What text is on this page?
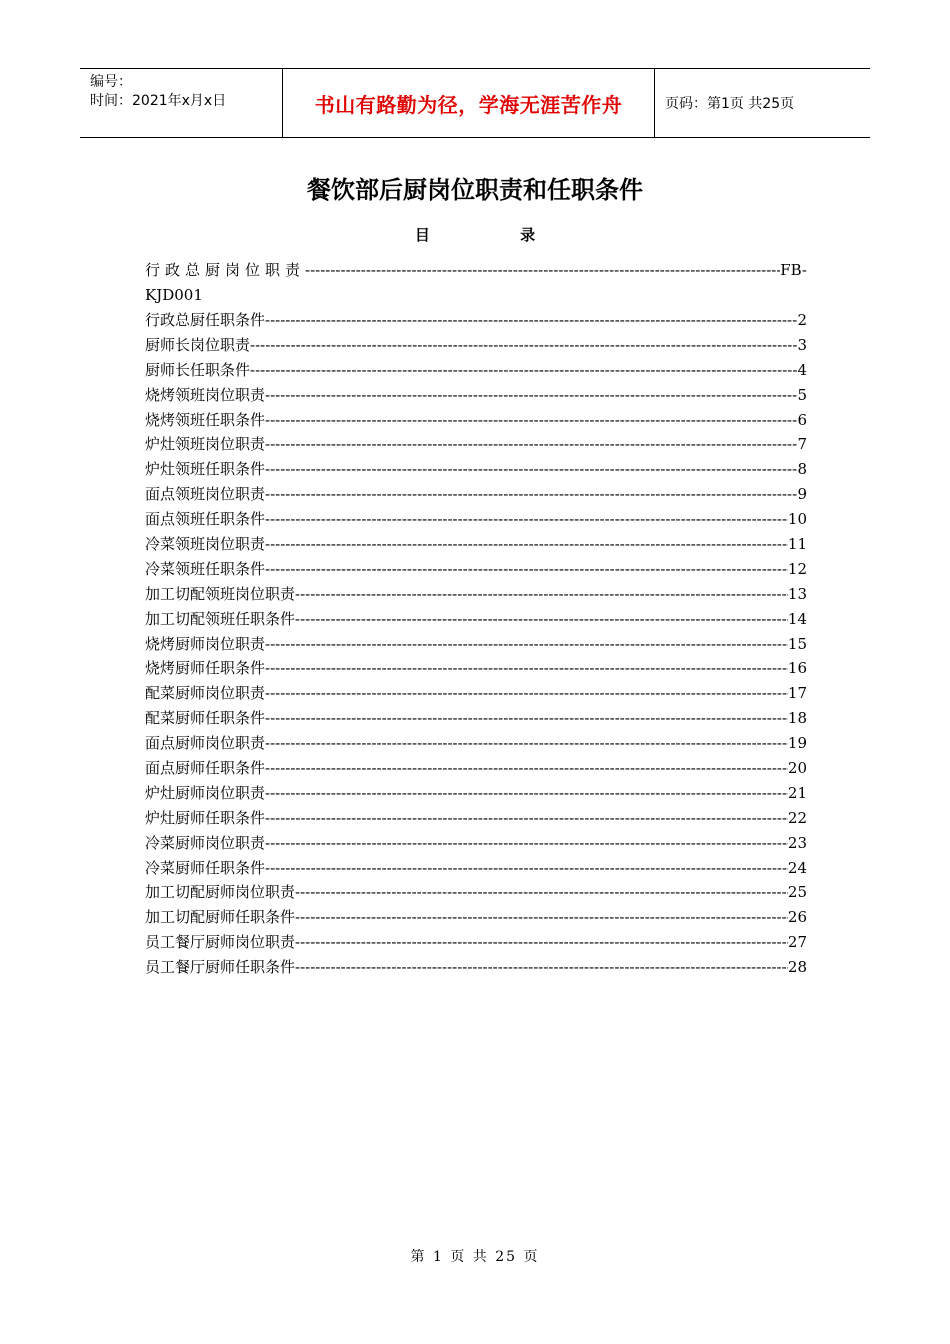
编号：
时间：2021年x月x日	书山有路勤为径，学海无涯苦作舟	页码：第1页 共25页
餐饮部后厨岗位职责和任职条件
目	录
行政总厨岗位职责 -----	FB-
KJD001
行政总厨任职条件 -----	2
厨师长岗位职责 -----	3
厨师长任职条件 -----	4
烧烤领班岗位职责 -----	5
烧烤领班任职条件 -----	6
炉灶领班岗位职责 -----	7
炉灶领班任职条件 -----	8
面点领班岗位职责 -----	9
面点领班任职条件 -----	10
冷菜领班岗位职责 -----	11
冷菜领班任职条件 -----	12
加工切配领班岗位职责 -----	13
加工切配领班任职条件 -----	14
烧烤厨师岗位职责 -----	15
烧烤厨师任职条件 -----	16
配菜厨师岗位职责 -----	17
配菜厨师任职条件 -----	18
面点厨师岗位职责 -----	19
面点厨师任职条件 -----	20
炉灶厨师岗位职责 -----	21
炉灶厨师任职条件 -----	22
冷菜厨师岗位职责 -----	23
冷菜厨师任职条件 -----	24
加工切配厨师岗位职责 -----	25
加工切配厨师任职条件 -----	26
员工餐厅厨师岗位职责 -----	27
员工餐厅厨师任职条件 -----	28
第 1 页 共 25 页
